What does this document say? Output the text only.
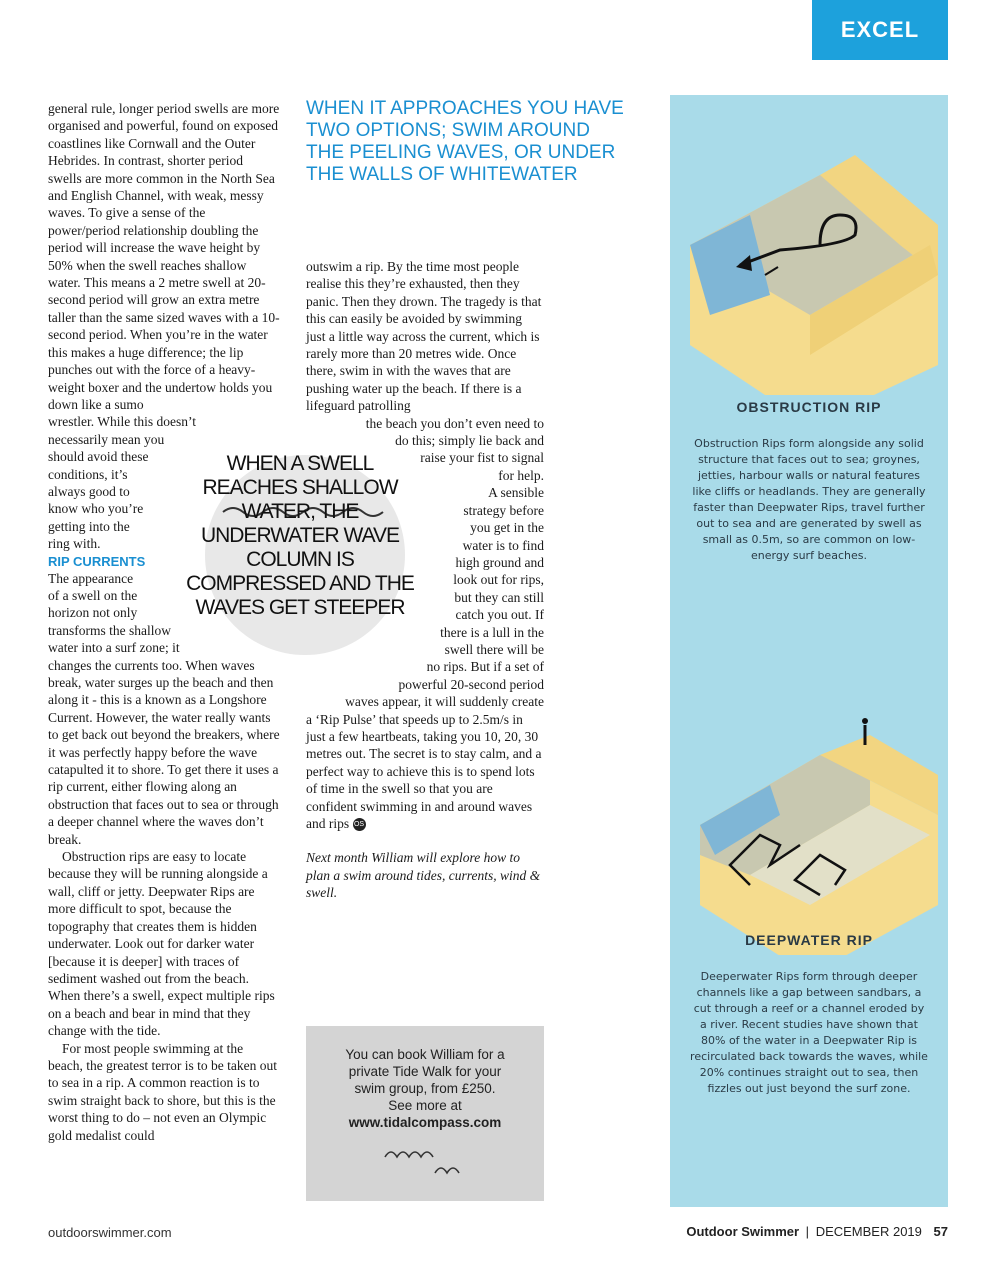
EXCEL

general rule, longer period swells are more organised and powerful, found on exposed coastlines like Cornwall and the Outer Hebrides. In contrast, shorter period swells are more common in the North Sea and English Channel, with weak, messy waves. To give a sense of the power/period relationship doubling the period will increase the wave height by 50% when the swell reaches shallow water. This means a 2 metre swell at 20-second period will grow an extra metre taller than the same sized waves with a 10-second period. When you’re in the water this makes a huge difference; the lip punches out with the force of a heavy-weight boxer and the undertow holds you down like a sumo

wrestler. While this doesn’t
necessarily mean you
should avoid these
conditions, it’s
always good to
know who you’re
getting into the
ring with.

RIP CURRENTS

The appearance
of a swell on the
horizon not only
transforms the shallow
water into a surf zone; it

changes the currents too. When waves break, water surges up the beach and then along it - this is a known as a Longshore Current. However, the water really wants to get back out beyond the breakers, where it was perfectly happy before the wave catapulted it to shore. To get there it uses a rip current, either flowing along an obstruction that faces out to sea or through a deeper channel where the waves don’t break.

Obstruction rips are easy to locate because they will be running alongside a wall, cliff or jetty. Deepwater Rips are more difficult to spot, because the topography that creates them is hidden underwater. Look out for darker water [because it is deeper] with traces of sediment washed out from the beach. When there’s a swell, expect multiple rips on a beach and bear in mind that they change with the tide.

For most people swimming at the beach, the greatest terror is to be taken out to sea in a rip. A common reaction is to swim straight back to shore, but this is the worst thing to do – not even an Olympic gold medalist could

WHEN IT APPROACHES YOU HAVE TWO OPTIONS; SWIM AROUND THE PEELING WAVES, OR UNDER THE WALLS OF WHITEWATER
WHEN A SWELL REACHES SHALLOW WATER, THE UNDERWATER WAVE COLUMN IS COMPRESSED AND THE WAVES GET STEEPER

outswim a rip. By the time most people realise this they’re exhausted, then they panic. Then they drown. The tragedy is that this can easily be avoided by swimming just a little way across the current, which is rarely more than 20 metres wide. Once there, swim in with the waves that are pushing water up the beach. If there is a lifeguard patrolling

the beach you don’t even need to
do this; simply lie back and
raise your fist to signal
for help.
A sensible
strategy before
you get in the
water is to find
high ground and
look out for rips,
but they can still
catch you out. If
there is a lull in the
swell there will be
no rips. But if a set of
powerful 20-second period
waves appear, it will suddenly create

a ‘Rip Pulse’ that speeds up to 2.5m/s in just a few heartbeats, taking you 10, 20, 30 metres out. The secret is to stay calm, and a perfect way to achieve this is to spend lots of time in the swell so that you are confident swimming in and around waves and rips OS

Next month William will explore how to plan a swim around tides, currents, wind & swell.

You can book William for a private Tide Walk for your swim group, from £250.
See more at
www.tidalcompass.com
OBSTRUCTION RIP
Obstruction Rips form alongside any solid structure that faces out to sea; groynes, jetties, harbour walls or natural features like cliffs or headlands. They are generally faster than Deepwater Rips, travel further out to sea and are generated by swell as small as 0.5m, so are common on low-energy surf beaches.
DEEPWATER RIP
Deeperwater Rips form through deeper channels like a gap between sandbars, a cut through a reef or a channel eroded by a river. Recent studies have shown that 80% of the water in a Deepwater Rip is recirculated back towards the waves, while 20% continues straight out to sea, then fizzles out just beyond the surf zone.
outdoorswimmer.com	Outdoor Swimmer | DECEMBER 2019 57
